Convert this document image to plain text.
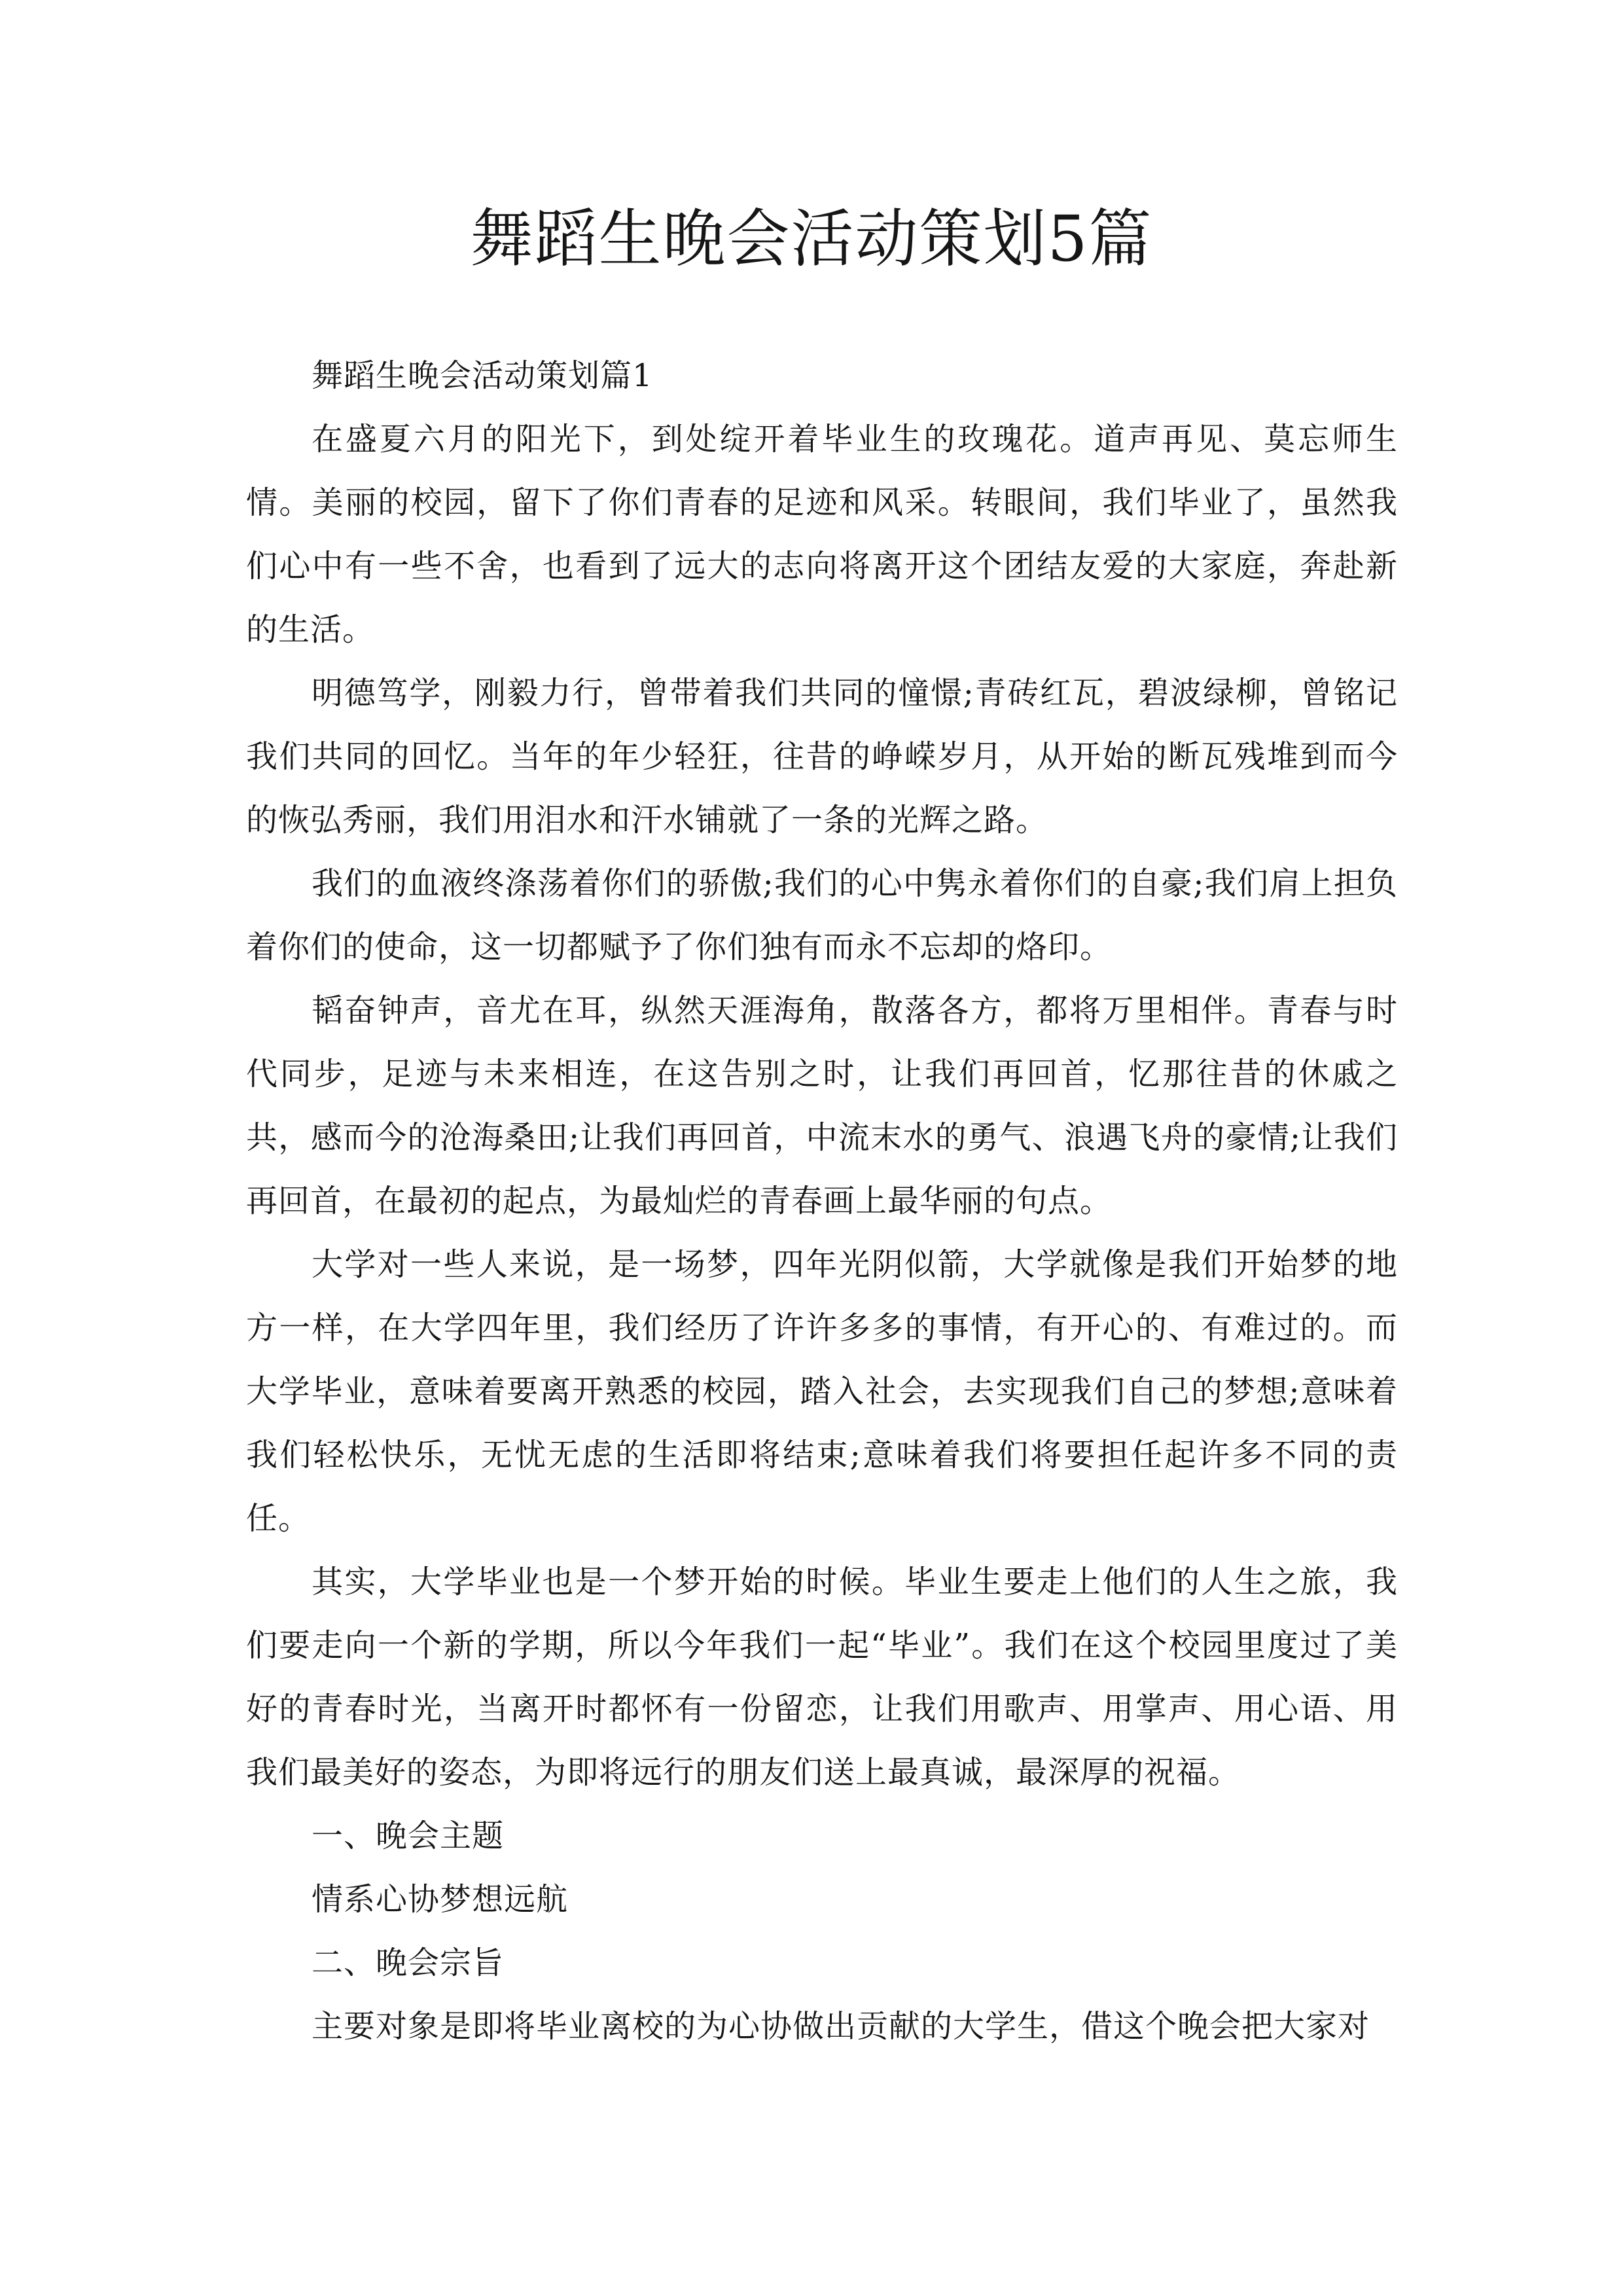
舞蹈生晚会活动策划5篇

舞蹈生晚会活动策划篇1

在盛夏六月的阳光下，到处绽开着毕业生的玫瑰花。道声再见、莫忘师生情。美丽的校园，留下了你们青春的足迹和风采。转眼间，我们毕业了，虽然我们心中有一些不舍，也看到了远大的志向将离开这个团结友爱的大家庭，奔赴新的生活。

明德笃学，刚毅力行，曾带着我们共同的憧憬;青砖红瓦，碧波绿柳，曾铭记我们共同的回忆。当年的年少轻狂，往昔的峥嵘岁月，从开始的断瓦残堆到而今的恢弘秀丽，我们用泪水和汗水铺就了一条的光辉之路。

我们的血液终涤荡着你们的骄傲;我们的心中隽永着你们的自豪;我们肩上担负着你们的使命，这一切都赋予了你们独有而永不忘却的烙印。

韬奋钟声，音尤在耳，纵然天涯海角，散落各方，都将万里相伴。青春与时代同步，足迹与未来相连，在这告别之时，让我们再回首，忆那往昔的休戚之共，感而今的沧海桑田;让我们再回首，中流末水的勇气、浪遇飞舟的豪情;让我们再回首，在最初的起点，为最灿烂的青春画上最华丽的句点。

大学对一些人来说，是一场梦，四年光阴似箭，大学就像是我们开始梦的地方一样，在大学四年里，我们经历了许许多多的事情，有开心的、有难过的。而大学毕业，意味着要离开熟悉的校园，踏入社会，去实现我们自己的梦想;意味着我们轻松快乐，无忧无虑的生活即将结束;意味着我们将要担任起许多不同的责任。

其实，大学毕业也是一个梦开始的时候。毕业生要走上他们的人生之旅，我们要走向一个新的学期，所以今年我们一起“毕业”。我们在这个校园里度过了美好的青春时光，当离开时都怀有一份留恋，让我们用歌声、用掌声、用心语、用我们最美好的姿态，为即将远行的朋友们送上最真诚，最深厚的祝福。

一、晚会主题

情系心协梦想远航

二、晚会宗旨

主要对象是即将毕业离校的为心协做出贡献的大学生，借这个晚会把大家对
